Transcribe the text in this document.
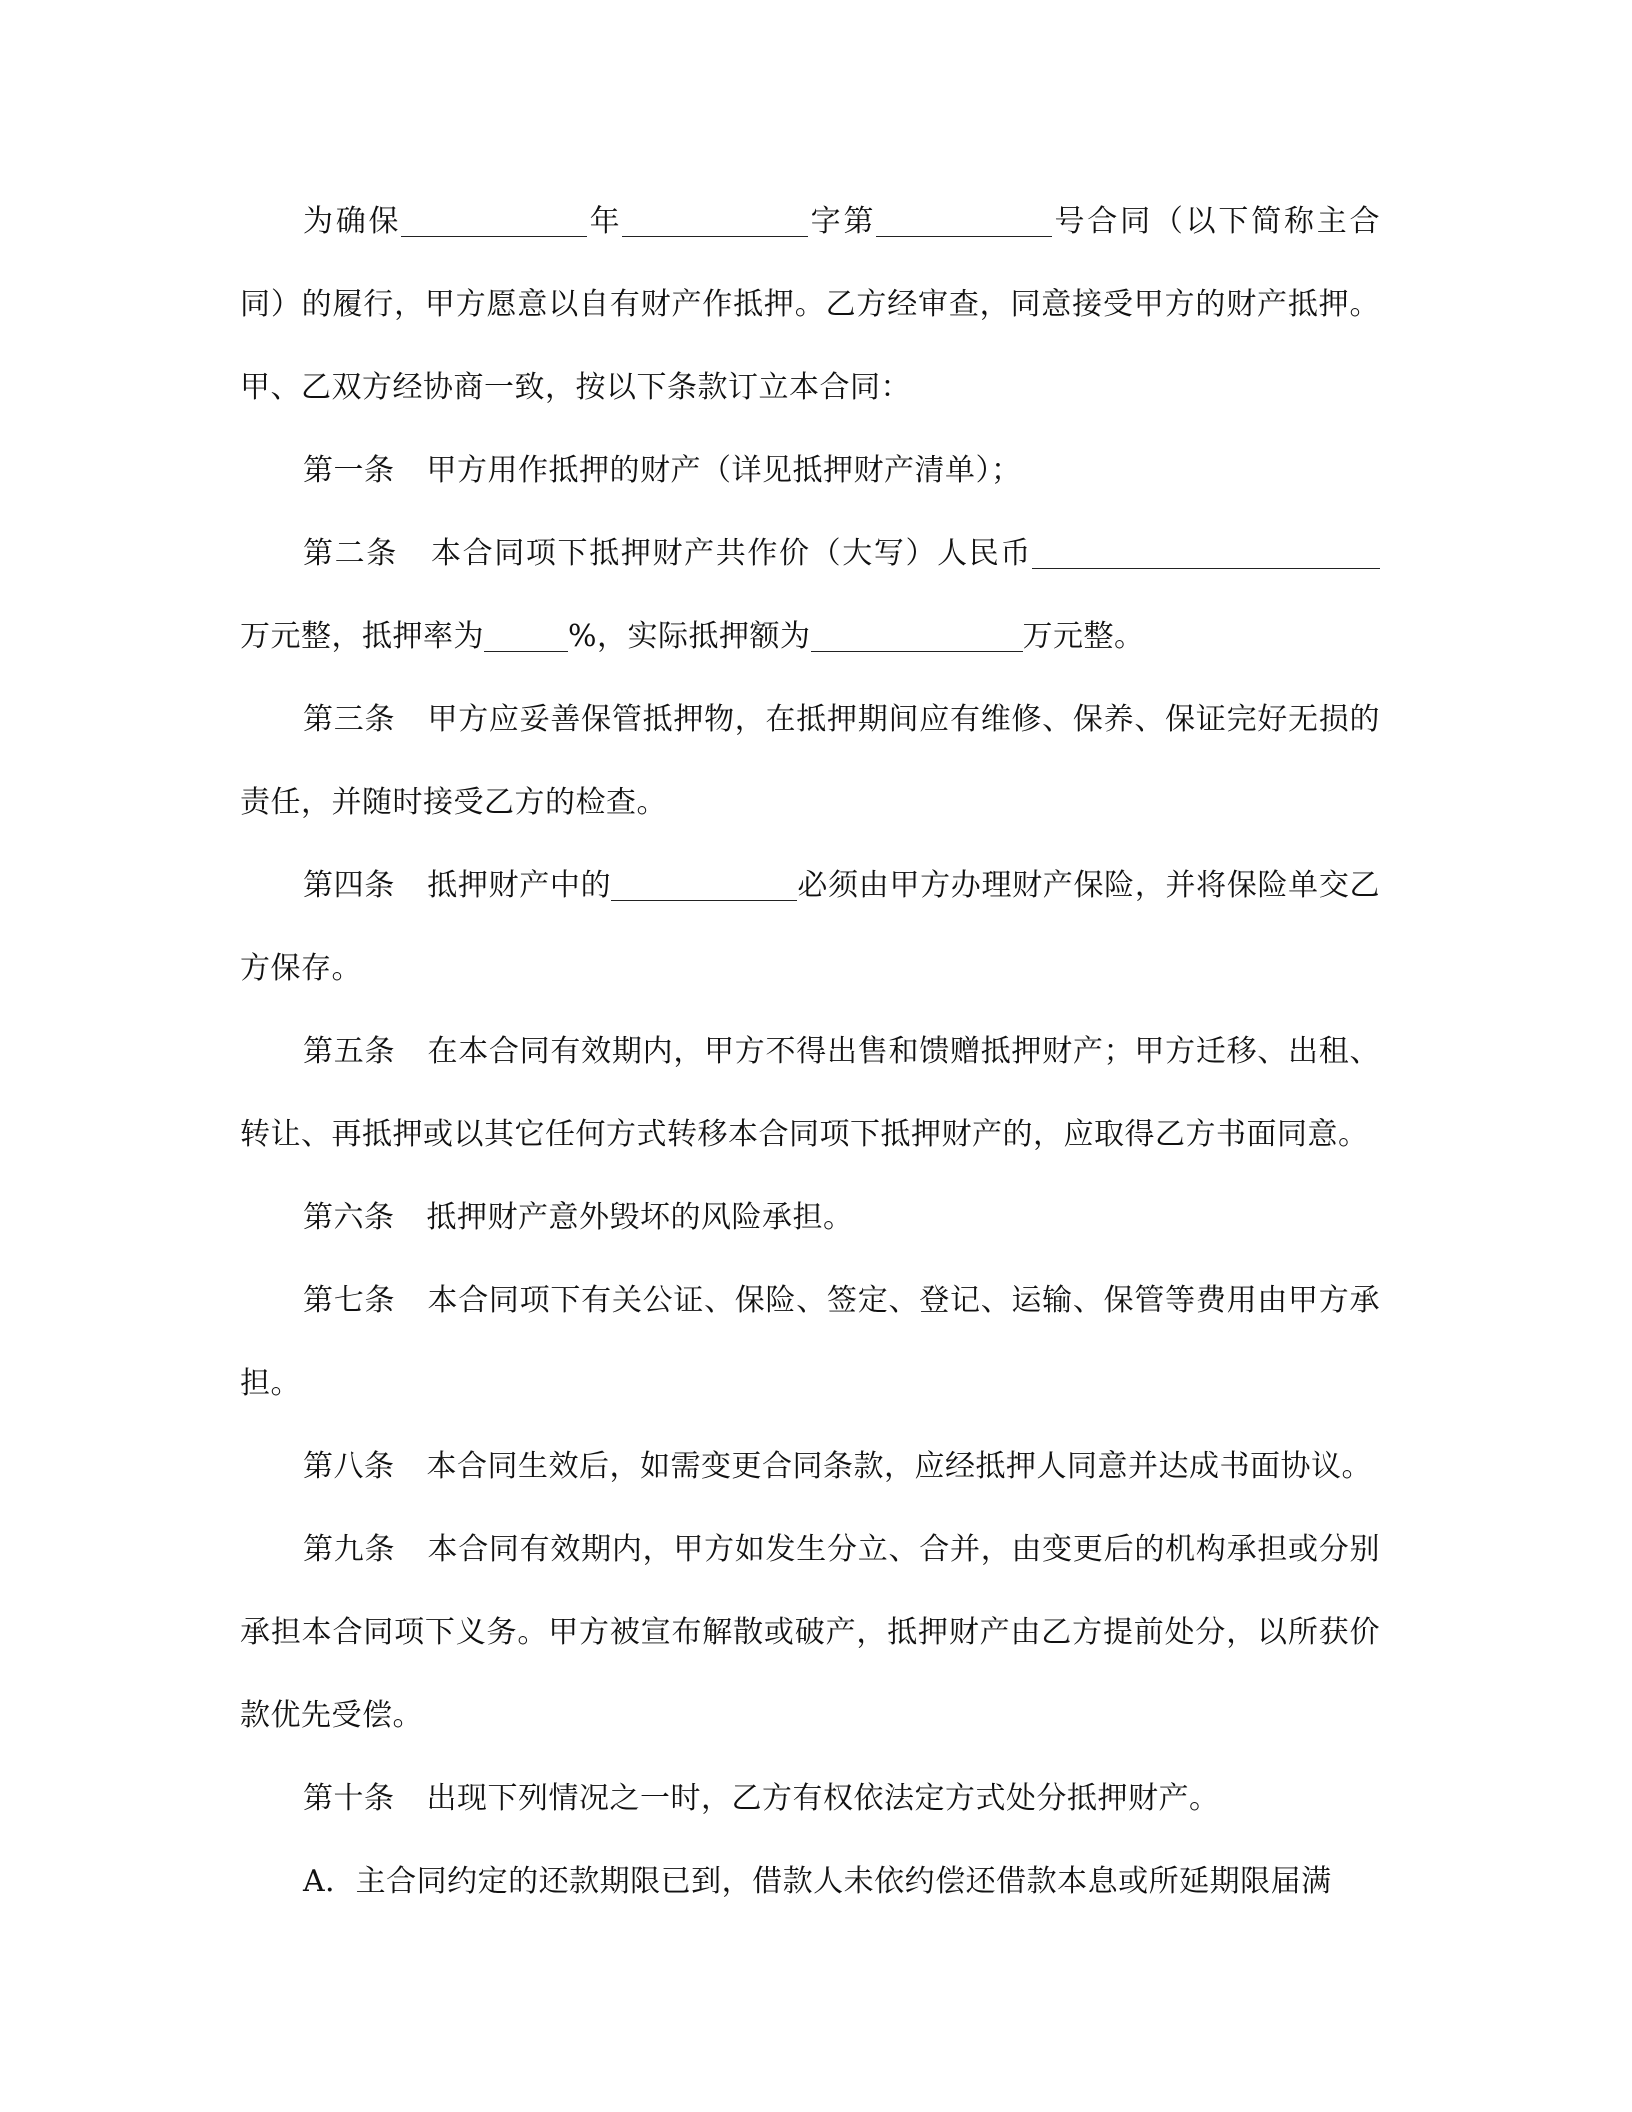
为确保	年	字第	号合同（以下简称主合同）的履行，甲方愿意以自有财产作抵押。乙方经审查，同意接受甲方的财产抵押。甲、乙双方经协商一致，按以下条款订立本合同：

第一条 甲方用作抵押的财产（详见抵押财产清单）；

第二条 本合同项下抵押财产共作价（大写）人民币万元整，抵押率为	%，实际抵押额为	万元整。

第三条 甲方应妥善保管抵押物，在抵押期间应有维修、保养、保证完好无损的责任，并随时接受乙方的检查。

第四条 抵押财产中的	必须由甲方办理财产保险，并将保险单交乙方保存。

第五条 在本合同有效期内，甲方不得出售和馈赠抵押财产；甲方迁移、出租、转让、再抵押或以其它任何方式转移本合同项下抵押财产的，应取得乙方书面同意。

第六条 抵押财产意外毁坏的风险承担。

第七条 本合同项下有关公证、保险、签定、登记、运输、保管等费用由甲方承担。

第八条 本合同生效后，如需变更合同条款，应经抵押人同意并达成书面协议。

第九条 本合同有效期内，甲方如发生分立、合并，由变更后的机构承担或分别承担本合同项下义务。甲方被宣布解散或破产，抵押财产由乙方提前处分，以所获价款优先受偿。

第十条 出现下列情况之一时，乙方有权依法定方式处分抵押财产。

A．主合同约定的还款期限已到，借款人未依约偿还借款本息或所延期限届满
